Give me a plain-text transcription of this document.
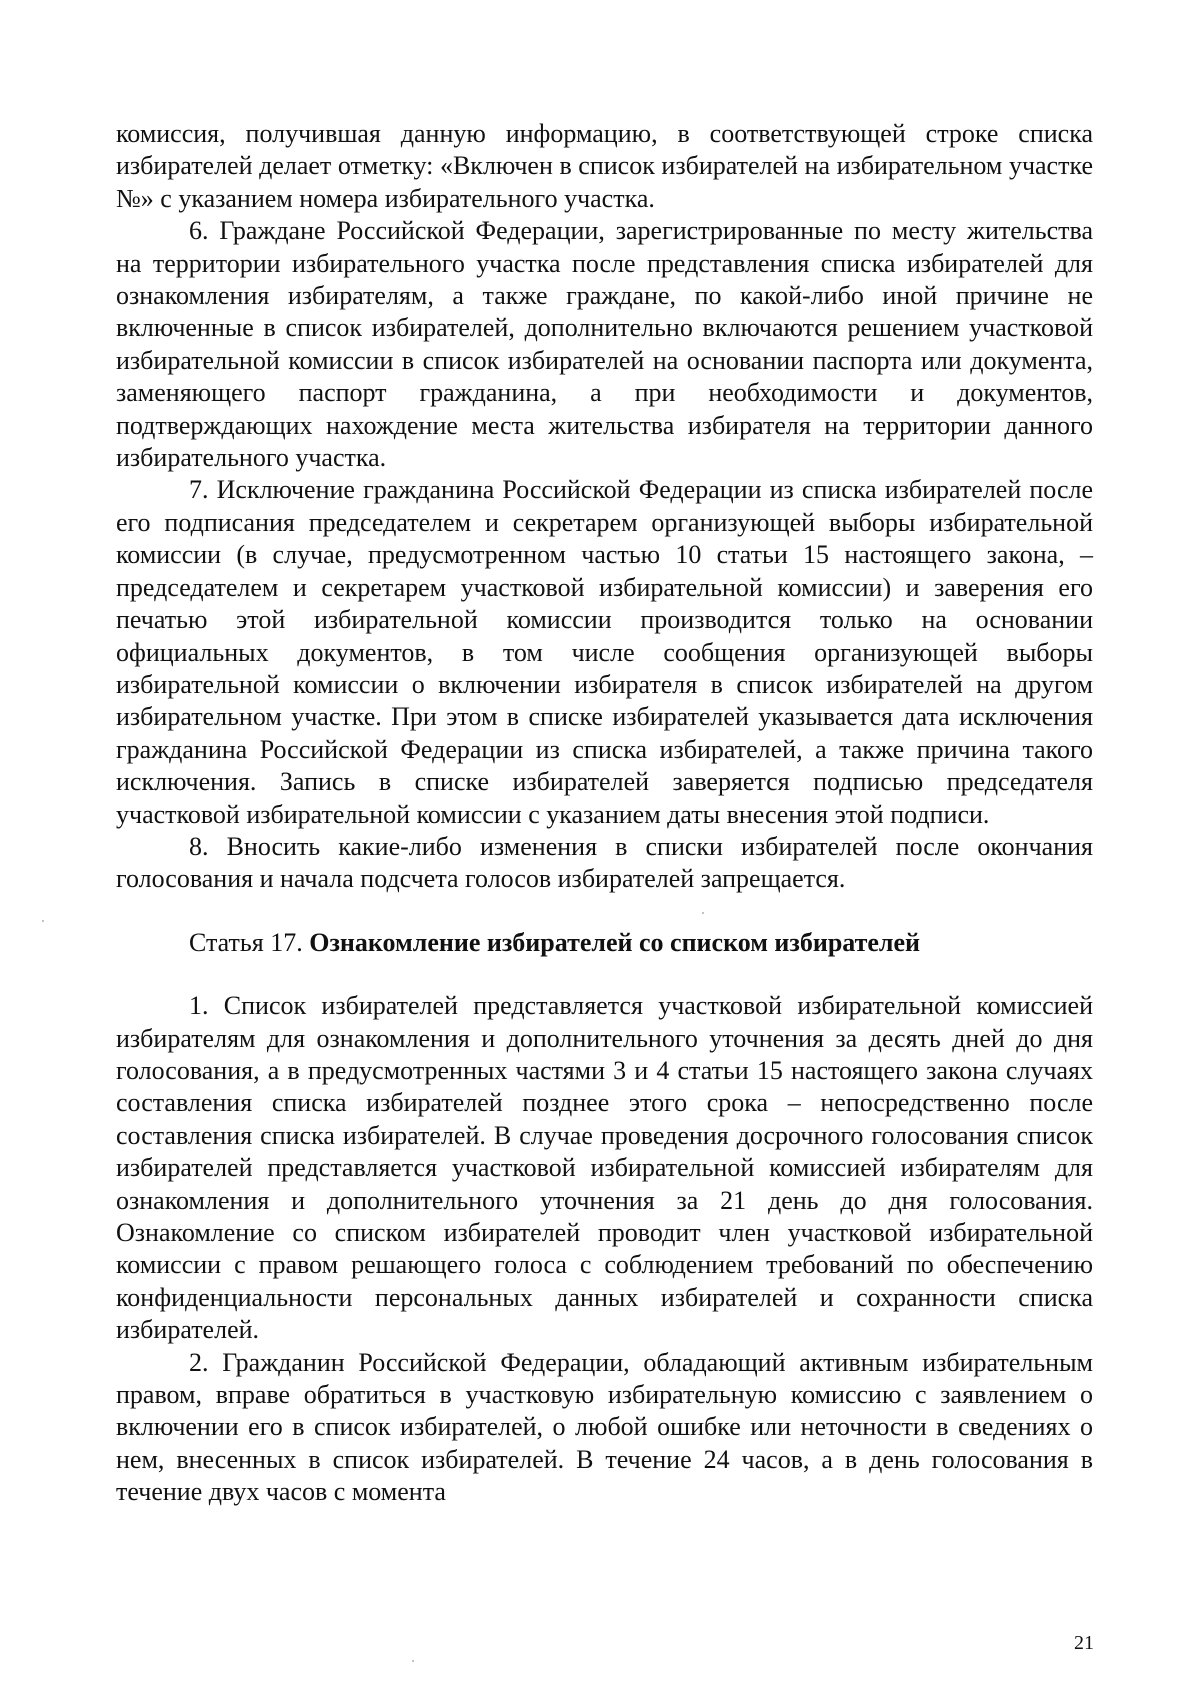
комиссия, получившая данную информацию, в соответствующей строке списка избирателей делает отметку: «Включен в список избирателей на избирательном участке №» с указанием номера избирательного участка.

6. Граждане Российской Федерации, зарегистрированные по месту жительства на территории избирательного участка после представления списка избирателей для ознакомления избирателям, а также граждане, по какой-либо иной причине не включенные в список избирателей, дополнительно включаются решением участковой избирательной комиссии в список избирателей на основании паспорта или документа, заменяющего паспорт гражданина, а при необходимости и документов, подтверждающих нахождение места жительства избирателя на территории данного избирательного участка.

7. Исключение гражданина Российской Федерации из списка избирателей после его подписания председателем и секретарем организующей выборы избирательной комиссии (в случае, предусмотренном частью 10 статьи 15 настоящего закона, – председателем и секретарем участковой избирательной комиссии) и заверения его печатью этой избирательной комиссии производится только на основании официальных документов, в том числе сообщения организующей выборы избирательной комиссии о включении избирателя в список избирателей на другом избирательном участке. При этом в списке избирателей указывается дата исключения гражданина Российской Федерации из списка избирателей, а также причина такого исключения. Запись в списке избирателей заверяется подписью председателя участковой избирательной комиссии с указанием даты внесения этой подписи.

8. Вносить какие-либо изменения в списки избирателей после окончания голосования и начала подсчета голосов избирателей запрещается.

Статья 17. Ознакомление избирателей со списком избирателей

1. Список избирателей представляется участковой избирательной комиссией избирателям для ознакомления и дополнительного уточнения за десять дней до дня голосования, а в предусмотренных частями 3 и 4 статьи 15 настоящего закона случаях составления списка избирателей позднее этого срока – непосредственно после составления списка избирателей. В случае проведения досрочного голосования список избирателей представляется участковой избирательной комиссией избирателям для ознакомления и дополнительного уточнения за 21 день до дня голосования. Ознакомление со списком избирателей проводит член участковой избирательной комиссии с правом решающего голоса с соблюдением требований по обеспечению конфиденциальности персональных данных избирателей и сохранности списка избирателей.

2. Гражданин Российской Федерации, обладающий активным избирательным правом, вправе обратиться в участковую избирательную комиссию с заявлением о включении его в список избирателей, о любой ошибке или неточности в сведениях о нем, внесенных в список избирателей. В течение 24 часов, а в день голосования в течение двух часов с момента

21
